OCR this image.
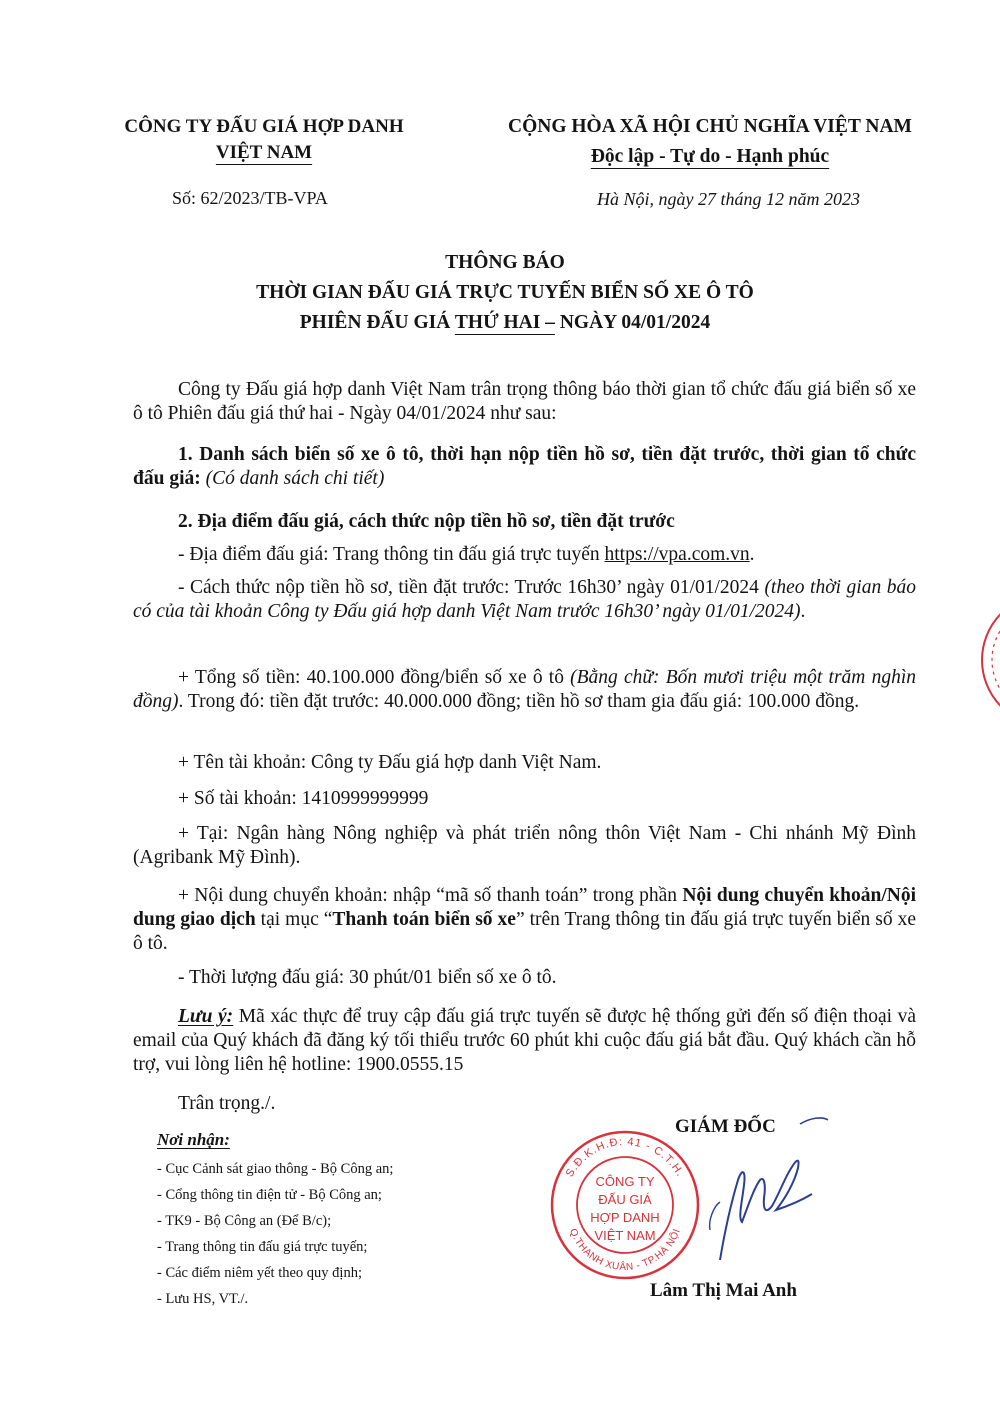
CÔNG TY ĐẤU GIÁ HỢP DANH
VIỆT NAM
CỘNG HÒA XÃ HỘI CHỦ NGHĨA VIỆT NAM
Độc lập - Tự do - Hạnh phúc
Số: 62/2023/TB-VPA	Hà Nội, ngày 27 tháng 12 năm 2023
THÔNG BÁO
THỜI GIAN ĐẤU GIÁ TRỰC TUYẾN BIỂN SỐ XE Ô TÔ
PHIÊN ĐẤU GIÁ THỨ HAI – NGÀY 04/01/2024
Công ty Đấu giá hợp danh Việt Nam trân trọng thông báo thời gian tổ chức đấu giá biển số xe ô tô Phiên đấu giá thứ hai - Ngày 04/01/2024 như sau:
1. Danh sách biển số xe ô tô, thời hạn nộp tiền hồ sơ, tiền đặt trước, thời gian tổ chức đấu giá: (Có danh sách chi tiết)
2. Địa điểm đấu giá, cách thức nộp tiền hồ sơ, tiền đặt trước
- Địa điểm đấu giá: Trang thông tin đấu giá trực tuyến https://vpa.com.vn.
- Cách thức nộp tiền hồ sơ, tiền đặt trước: Trước 16h30’ ngày 01/01/2024 (theo thời gian báo có của tài khoản Công ty Đấu giá hợp danh Việt Nam trước 16h30’ ngày 01/01/2024).
+ Tổng số tiền: 40.100.000 đồng/biển số xe ô tô (Bằng chữ: Bốn mươi triệu một trăm nghìn đồng). Trong đó: tiền đặt trước: 40.000.000 đồng; tiền hồ sơ tham gia đấu giá: 100.000 đồng.
+ Tên tài khoản: Công ty Đấu giá hợp danh Việt Nam.
+ Số tài khoản: 1410999999999
+ Tại: Ngân hàng Nông nghiệp và phát triển nông thôn Việt Nam - Chi nhánh Mỹ Đình (Agribank Mỹ Đình).
+ Nội dung chuyển khoản: nhập “mã số thanh toán” trong phần Nội dung chuyển khoản/Nội dung giao dịch tại mục “Thanh toán biển số xe” trên Trang thông tin đấu giá trực tuyến biển số xe ô tô.
- Thời lượng đấu giá: 30 phút/01 biển số xe ô tô.
Lưu ý: Mã xác thực để truy cập đấu giá trực tuyến sẽ được hệ thống gửi đến số điện thoại và email của Quý khách đã đăng ký tối thiểu trước 60 phút khi cuộc đấu giá bắt đầu. Quý khách cần hỗ trợ, vui lòng liên hệ hotline: 1900.0555.15
Trân trọng./.
Nơi nhận:
- Cục Cảnh sát giao thông - Bộ Công an;
- Cổng thông tin điện tử - Bộ Công an;
- TK9 - Bộ Công an (Để B/c);
- Trang thông tin đấu giá trực tuyến;
- Các điểm niêm yết theo quy định;
- Lưu HS, VT./.
GIÁM ĐỐC
S.Đ.K.H.Đ: 41 - C.T.H.
Q.THANH XUÂN - TP.HÀ NỘI
CÔNG TY
ĐẤU GIÁ
HỢP DANH
VIỆT NAM
Lâm Thị Mai Anh
